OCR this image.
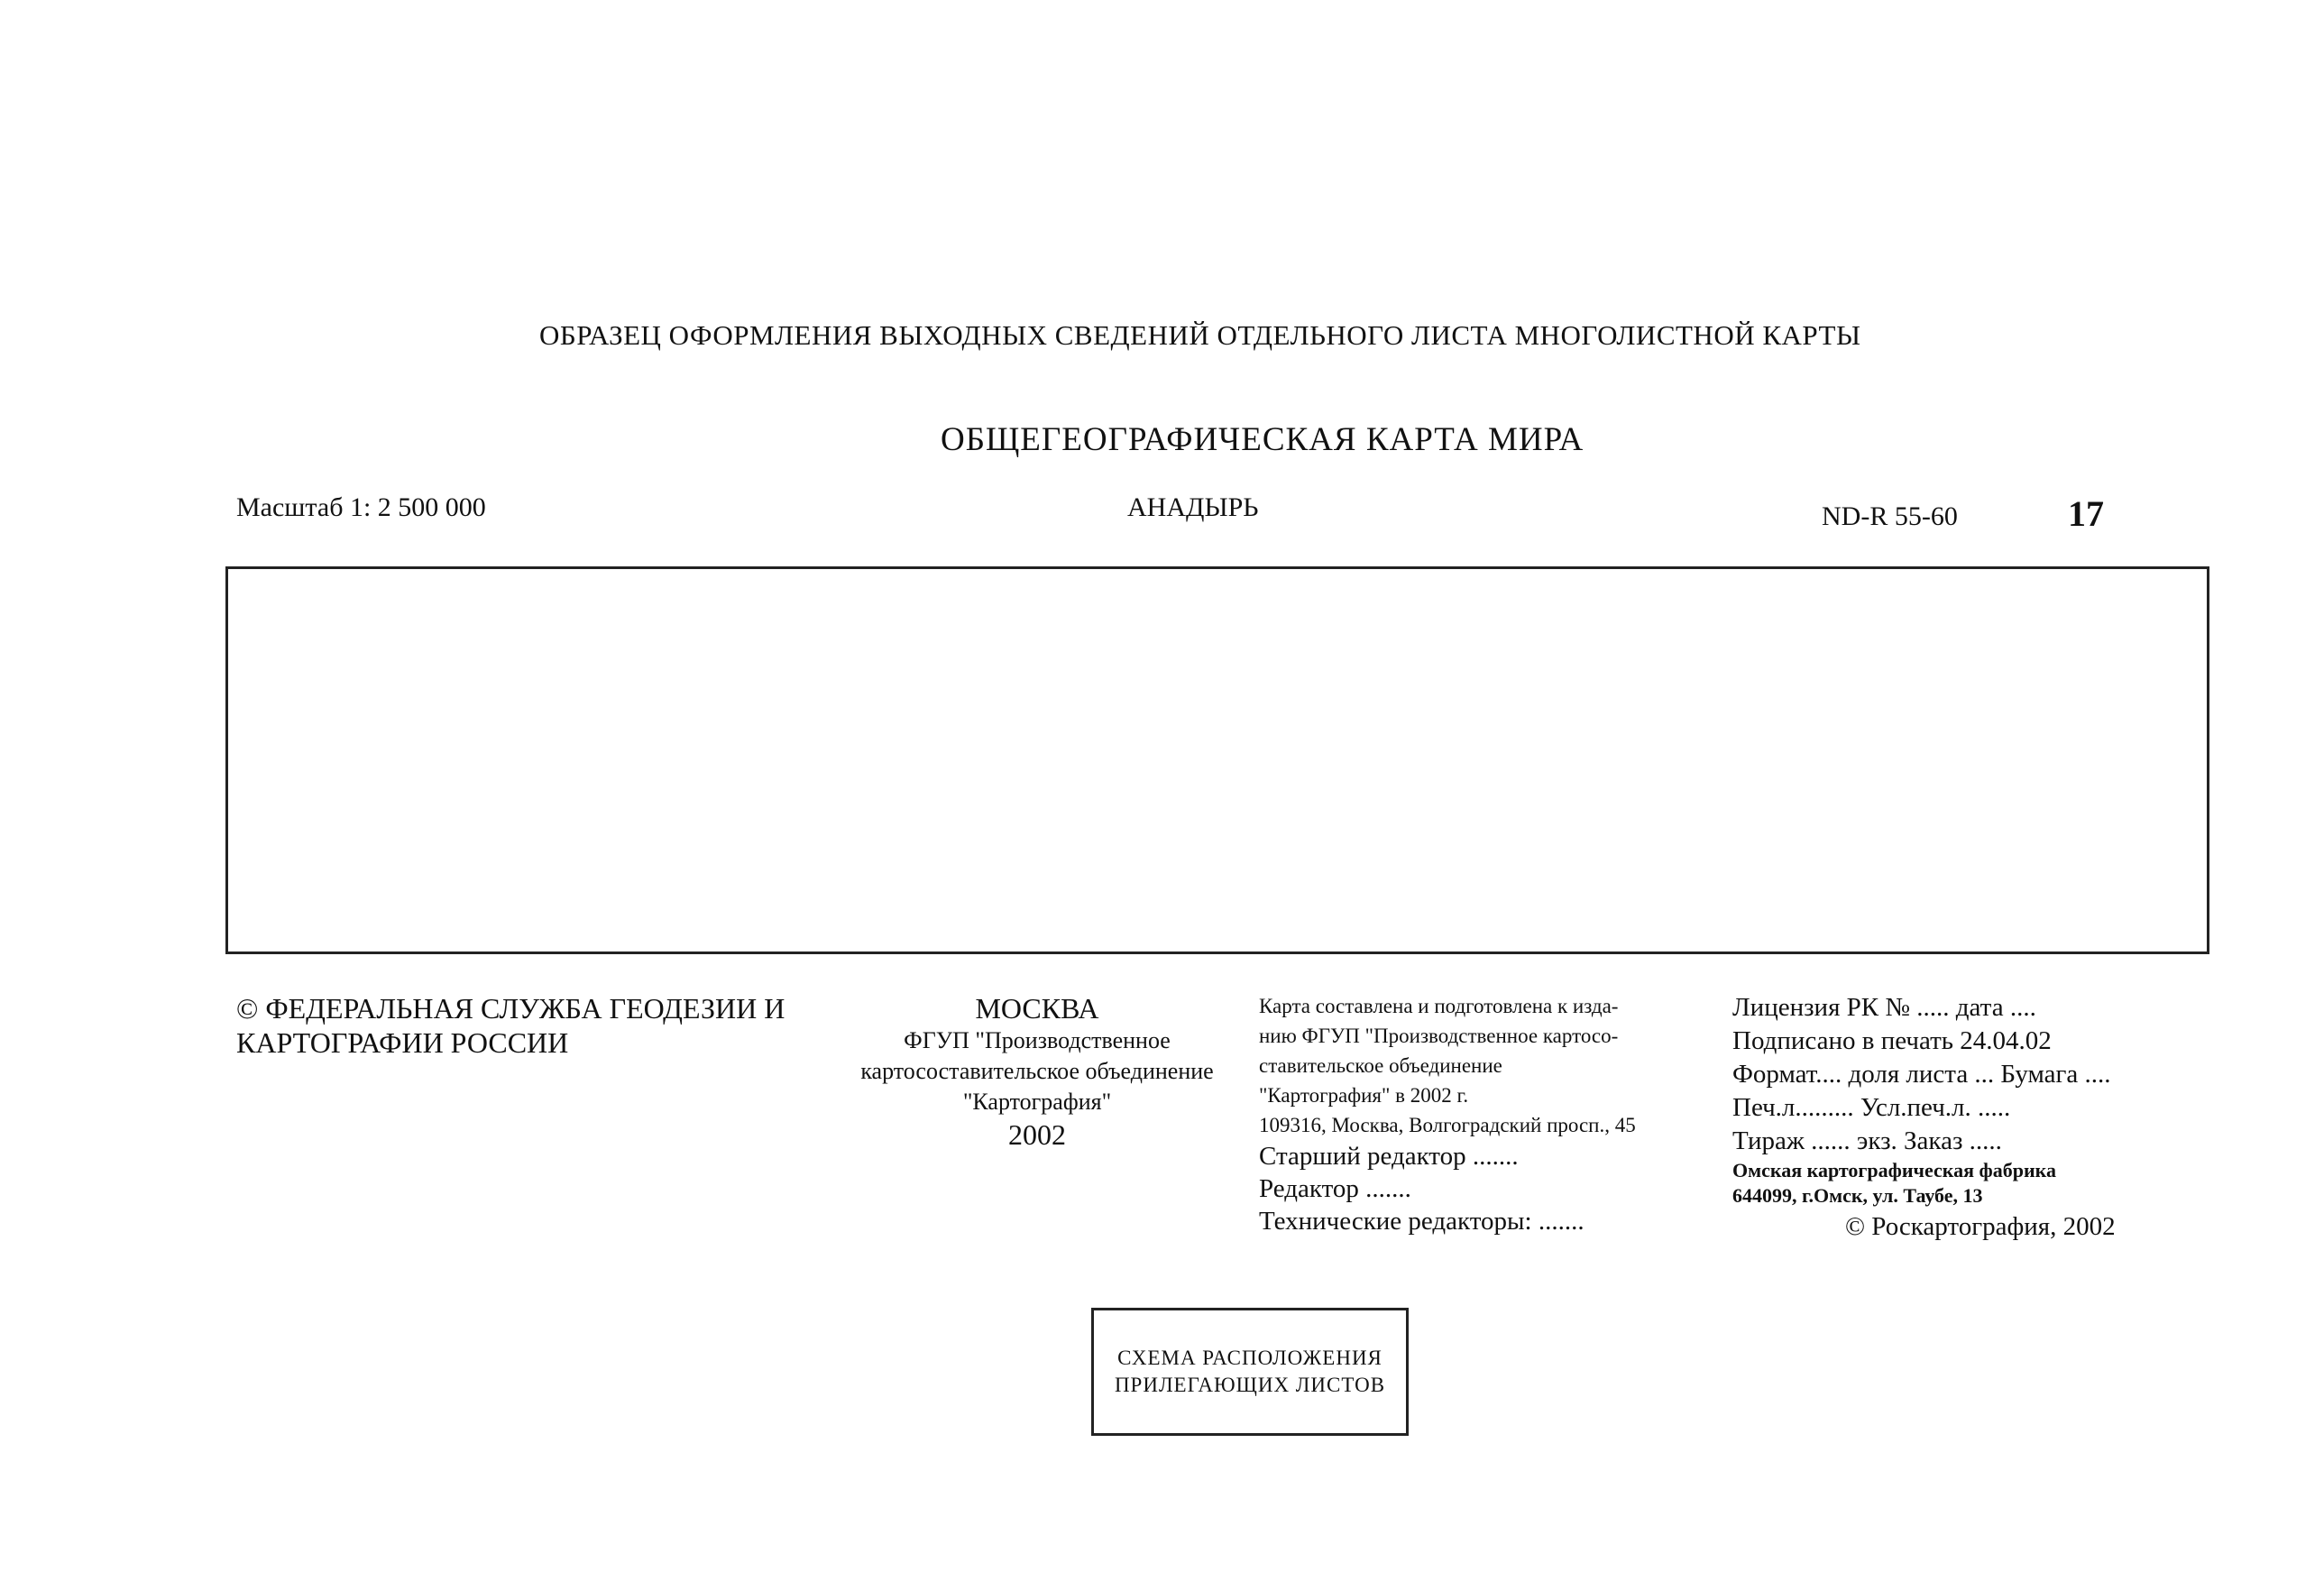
ОБРАЗЕЦ ОФОРМЛЕНИЯ ВЫХОДНЫХ СВЕДЕНИЙ ОТДЕЛЬНОГО ЛИСТА МНОГОЛИСТНОЙ КАРТЫ
ОБЩЕГЕОГРАФИЧЕСКАЯ КАРТА МИРА
Масштаб 1: 2 500 000	АНАДЫРЬ	ND-R 55-60	17
© ФЕДЕРАЛЬНАЯ СЛУЖБА ГЕОДЕЗИИ И
КАРТОГРАФИИ РОССИИ
МОСКВА
ФГУП "Производственное
картосоставительское объединение
"Картография"
2002
Карта составлена и подготовлена к изда-
нию ФГУП "Производственное картосо-
ставительское объединение
"Картография" в 2002 г.
109316, Москва, Волгоградский просп., 45
Старший редактор .......
Редактор .......
Технические редакторы: .......
Лицензия РК № ..... дата ....
Подписано в печать 24.04.02
Формат.... доля листа ... Бумага ....
Печ.л......... Усл.печ.л. .....
Тираж ...... экз. Заказ .....
Омская картографическая фабрика
644099, г.Омск, ул. Таубе, 13
© Роскартография, 2002
СХЕМА РАСПОЛОЖЕНИЯ
ПРИЛЕГАЮЩИХ ЛИСТОВ
